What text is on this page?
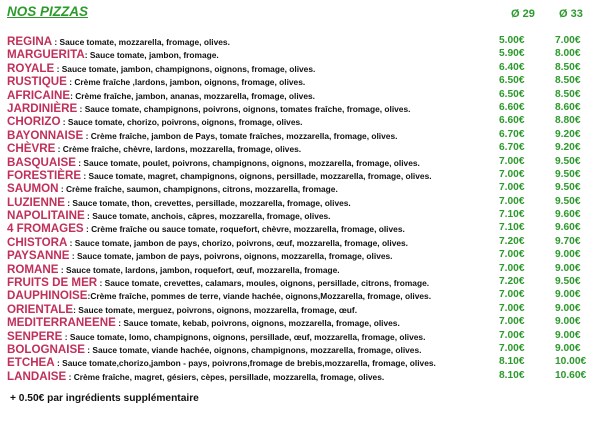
NOS PIZZAS	Ø 29 Ø 33
REGINA : Sauce tomate, mozzarella, fromage, olives.	5.00€	7.00€
MARGUERITA: Sauce tomate, jambon, fromage.	5.90€	8.00€
ROYALE : Sauce tomate, jambon, champignons, oignons, fromage, olives.	6.40€	8.50€
RUSTIQUE : Crème fraîche ,lardons, jambon, oignons, fromage, olives.	6.50€	8.50€
AFRICAINE: Crème fraîche, jambon, ananas, mozzarella, fromage, olives.	6.50€	8.50€
JARDINIÈRE : Sauce tomate, champignons, poivrons, oignons, tomates fraîche, fromage, olives.	6.60€	8.60€
CHORIZO : Sauce tomate, chorizo, poivrons, oignons, fromage, olives.	6.60€	8.80€
BAYONNAISE : Crème fraîche, jambon de Pays, tomate fraîches, mozzarella, fromage, olives.	6.70€	9.20€
CHÈVRE : Crème fraîche, chèvre, lardons, mozzarella, fromage, olives.	6.70€	9.20€
BASQUAISE : Sauce tomate, poulet, poivrons, champignons, oignons, mozzarella, fromage, olives.	7.00€	9.50€
FORESTIÈRE : Sauce tomate, magret, champignons, oignons, persillade, mozzarella, fromage, olives.	7.00€	9.50€
SAUMON : Crème fraîche, saumon, champignons, citrons, mozzarella, fromage.	7.00€	9.50€
LUZIENNE : Sauce tomate, thon, crevettes, persillade, mozzarella, fromage, olives.	7.00€	9.50€
NAPOLITAINE : Sauce tomate, anchois, câpres, mozzarella, fromage, olives.	7.10€	9.60€
4 FROMAGES : Crème fraîche ou sauce tomate, roquefort, chèvre, mozzarella, fromage, olives.	7.10€	9.60€
CHISTORA : Sauce tomate, jambon de pays, chorizo, poivrons, œuf, mozzarella, fromage, olives.	7.20€	9.70€
PAYSANNE : Sauce tomate, jambon de pays, poivrons, oignons, mozzarella, fromage, olives.	7.00€	9.00€
ROMANE : Sauce tomate, lardons, jambon, roquefort, œuf, mozzarella, fromage.	7.00€	9.00€
FRUITS DE MER : Sauce tomate, crevettes, calamars, moules, oignons, persillade, citrons, fromage.	7.20€	9.50€
DAUPHINOISE:Crème fraîche, pommes de terre, viande hachée, oignons,Mozzarella, fromage, olives.	7.00€	9.00€
ORIENTALE: Sauce tomate, merguez, poivrons, oignons, mozzarella, fromage, œuf.	7.00€	9.00€
MEDITERRANEENE : Sauce tomate, kebab, poivrons, oignons, mozzarella, fromage, olives.	7.00€	9.00€
SENPERE : Sauce tomate, lomo, champignons, oignons, persillade, œuf, mozzarella, fromage, olives.	7.00€	9.00€
BOLOGNAISE : Sauce tomate, viande hachée, oignons, champignons, mozzarella, fromage, olives.	7.00€	9.00€
ETCHEA : Sauce tomate,chorizo,jambon - pays, poivrons,fromage de brebis,mozzarella, fromage, olives.	8.10€	10.00€
LANDAISE : Crème fraîche, magret, gésiers, cèpes, persillade, mozzarella, fromage, olives.	8.10€	10.60€
+ 0.50€ par ingrédients supplémentaire
